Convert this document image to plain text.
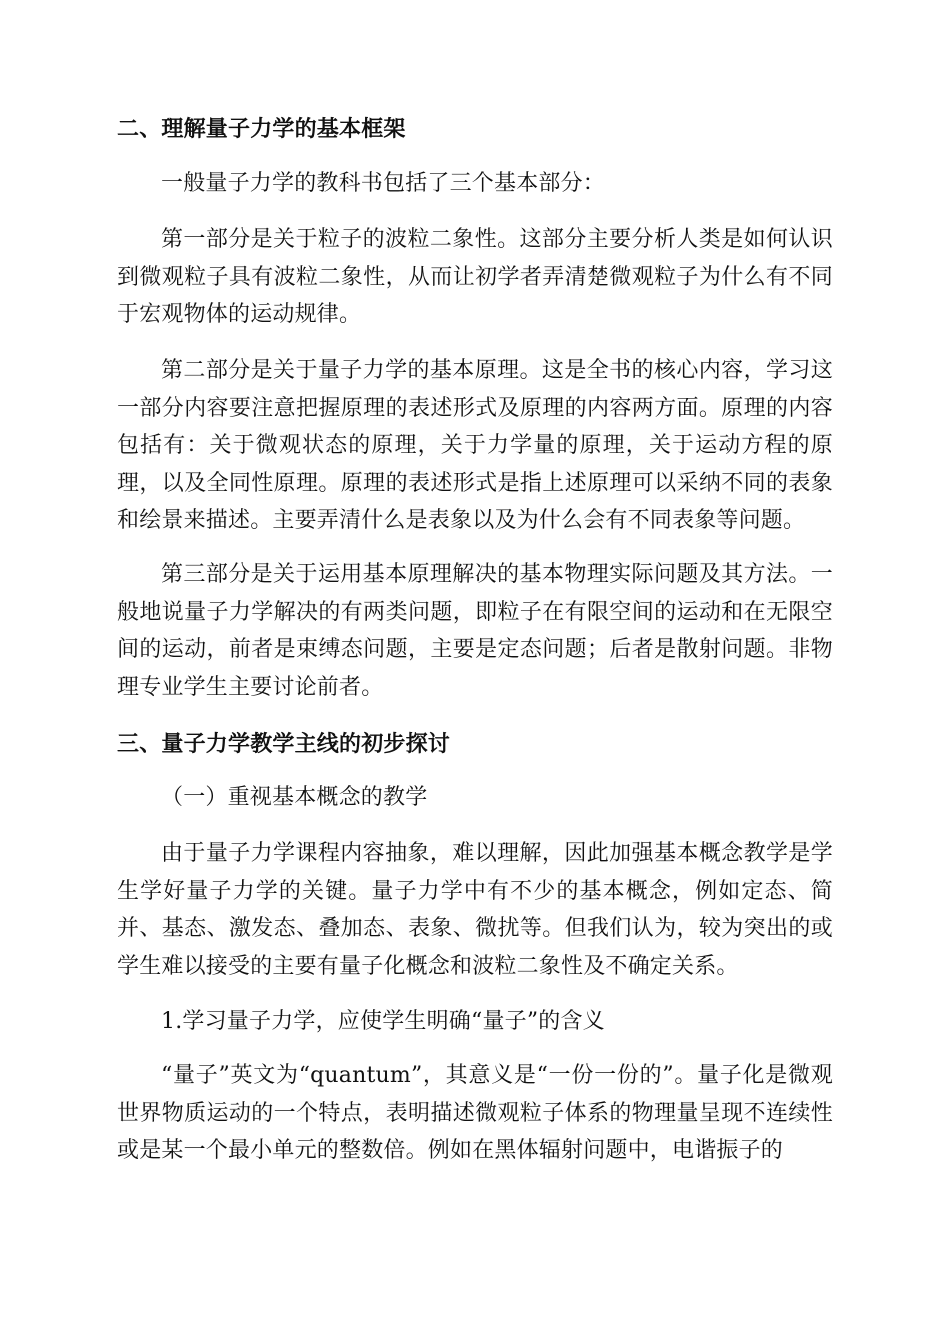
二、理解量子力学的基本框架

一般量子力学的教科书包括了三个基本部分：

第一部分是关于粒子的波粒二象性。这部分主要分析人类是如何认识到微观粒子具有波粒二象性，从而让初学者弄清楚微观粒子为什么有不同于宏观物体的运动规律。

第二部分是关于量子力学的基本原理。这是全书的核心内容，学习这一部分内容要注意把握原理的表述形式及原理的内容两方面。原理的内容包括有：关于微观状态的原理，关于力学量的原理，关于运动方程的原理，以及全同性原理。原理的表述形式是指上述原理可以采纳不同的表象和绘景来描述。主要弄清什么是表象以及为什么会有不同表象等问题。

第三部分是关于运用基本原理解决的基本物理实际问题及其方法。一般地说量子力学解决的有两类问题，即粒子在有限空间的运动和在无限空间的运动，前者是束缚态问题，主要是定态问题；后者是散射问题。非物理专业学生主要讨论前者。

三、量子力学教学主线的初步探讨

（一）重视基本概念的教学

由于量子力学课程内容抽象，难以理解，因此加强基本概念教学是学生学好量子力学的关键。量子力学中有不少的基本概念，例如定态、简并、基态、激发态、叠加态、表象、微扰等。但我们认为，较为突出的或学生难以接受的主要有量子化概念和波粒二象性及不确定关系。

1.学习量子力学，应使学生明确“量子”的含义

“量子”英文为“quantum”，其意义是“一份一份的”。量子化是微观世界物质运动的一个特点，表明描述微观粒子体系的物理量呈现不连续性或是某一个最小单元的整数倍。例如在黑体辐射问题中，电谐振子的
